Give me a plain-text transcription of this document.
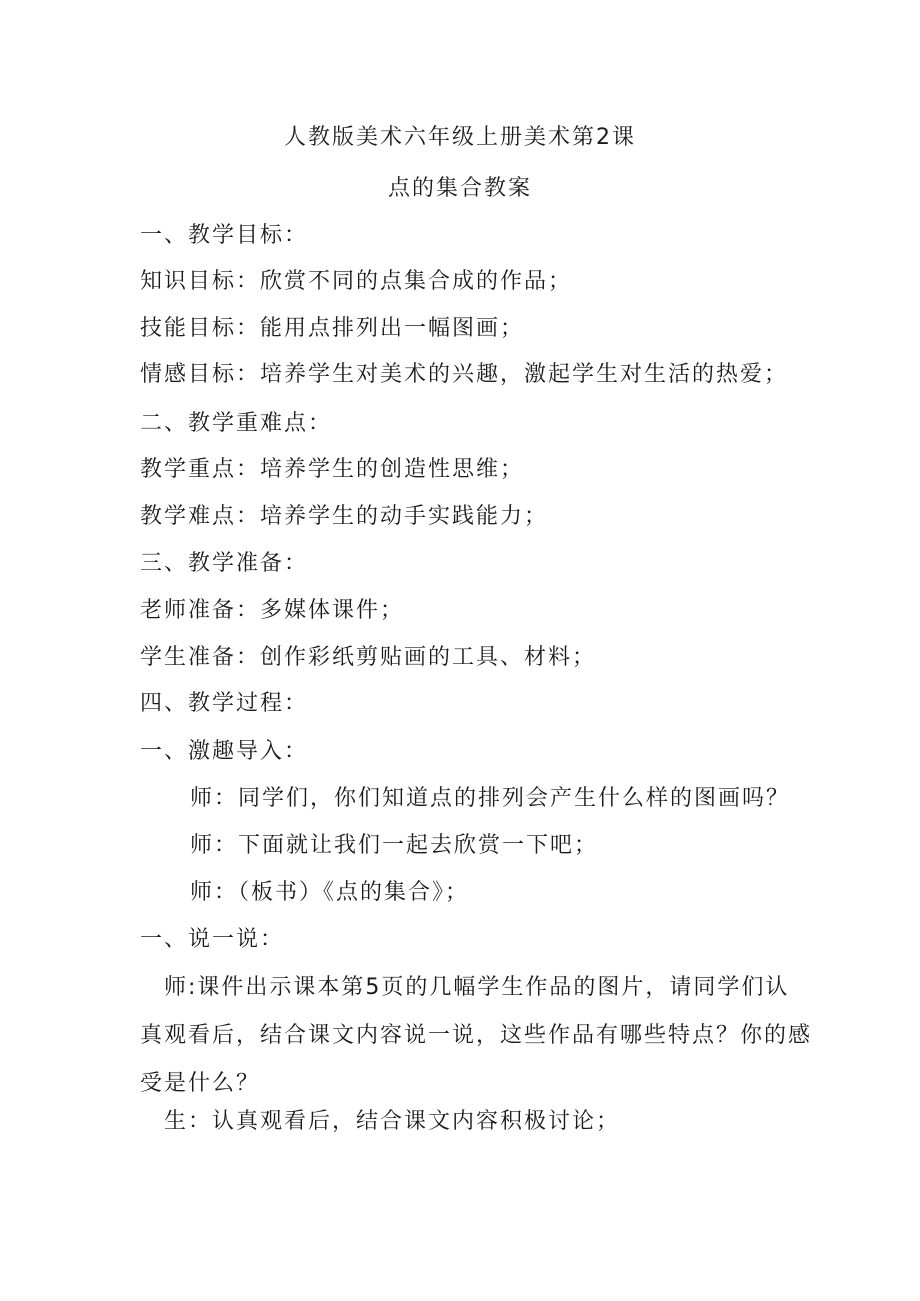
人教版美术六年级上册美术第2课
点的集合教案
一、教学目标：
知识目标：欣赏不同的点集合成的作品；
技能目标：能用点排列出一幅图画；
情感目标：培养学生对美术的兴趣，激起学生对生活的热爱；
二、教学重难点：
教学重点：培养学生的创造性思维；
教学难点：培养学生的动手实践能力；
三、教学准备：
老师准备：多媒体课件；
学生准备：创作彩纸剪贴画的工具、材料；
四、教学过程：
一、激趣导入：
师：同学们，你们知道点的排列会产生什么样的图画吗？
师：下面就让我们一起去欣赏一下吧；
师：（板书）《点的集合》；
一、说一说：
师:课件出示课本第5页的几幅学生作品的图片，请同学们认
真观看后，结合课文内容说一说，这些作品有哪些特点？你的感
受是什么？
生：认真观看后，结合课文内容积极讨论；
